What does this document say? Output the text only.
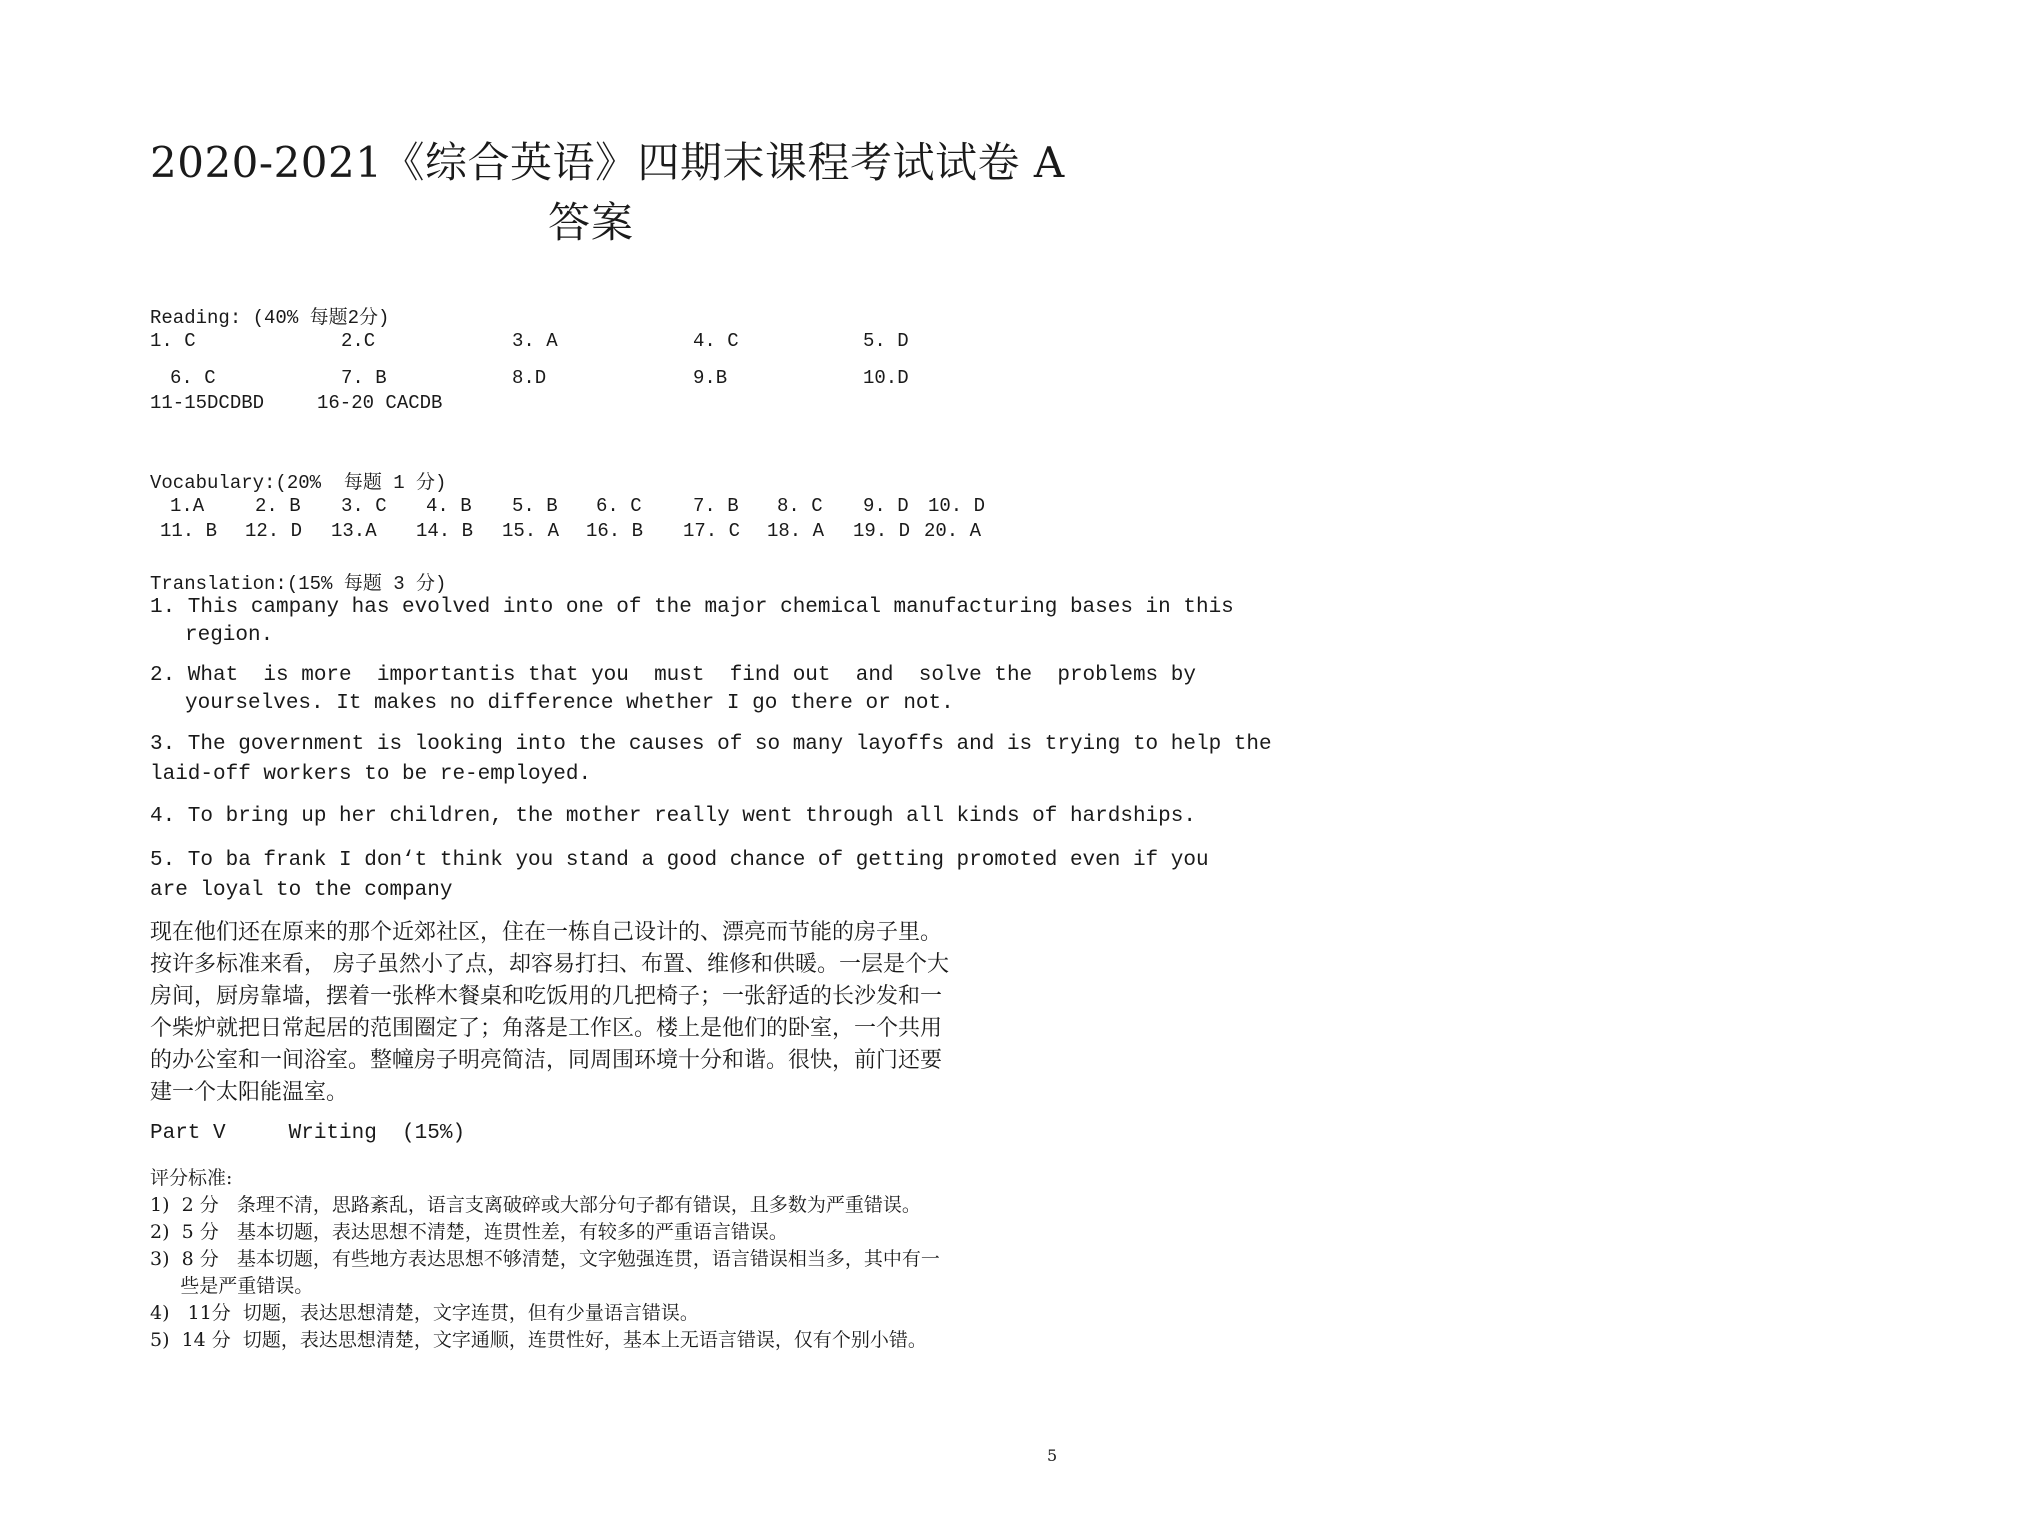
2020-2021《综合英语》四期末课程考试试卷 A
答案
Reading: (40% 每题2分)
1. C	2.C	3. A	4. C	5. D
6. C	7. B	8.D	9.B	10.D
11-15DCDBD	16-20 CACDB
Vocabulary:(20%  每题 1 分)
1.A	2. B 3. C 4. B 5. B 6. C	7. B 8. C 9. D 10. D
11. B 12. D 13.A 14. B 15. A 16. B 17. C 18. A 19. D 20. A
Translation:(15% 每题 3 分)
1. This campany has evolved into one of the major chemical manufacturing bases in this
region.
2. What  is more  importantis that you  must  find out  and  solve the  problems by
yourselves. It makes no difference whether I go there or not.
3. The government is looking into the causes of so many layoffs and is trying to help the
laid-off workers to be re-employed.
4. To bring up her children, the mother really went through all kinds of hardships.
5. To ba frank I don‘t think you stand a good chance of getting promoted even if you
are loyal to the company
现在他们还在原来的那个近郊社区，住在一栋自己设计的、漂亮而节能的房子里。
按许多标准来看， 房子虽然小了点，却容易打扫、布置、维修和供暖。一层是个大
房间，厨房靠墙，摆着一张桦木餐桌和吃饭用的几把椅子；一张舒适的长沙发和一
个柴炉就把日常起居的范围圈定了；角落是工作区。楼上是他们的卧室，一个共用
的办公室和一间浴室。整幢房子明亮简洁，同周围环境十分和谐。很快，前门还要
建一个太阳能温室。
Part V     Writing  (15%)
评分标准:
1)  2 分   条理不清，思路紊乱，语言支离破碎或大部分句子都有错误，且多数为严重错误。
2)  5 分   基本切题，表达思想不清楚，连贯性差，有较多的严重语言错误。
3)  8 分   基本切题，有些地方表达思想不够清楚，文字勉强连贯，语言错误相当多，其中有一
些是严重错误。
4)   11分  切题，表达思想清楚，文字连贯，但有少量语言错误。
5)  14 分  切题，表达思想清楚，文字通顺，连贯性好，基本上无语言错误，仅有个别小错。
5
